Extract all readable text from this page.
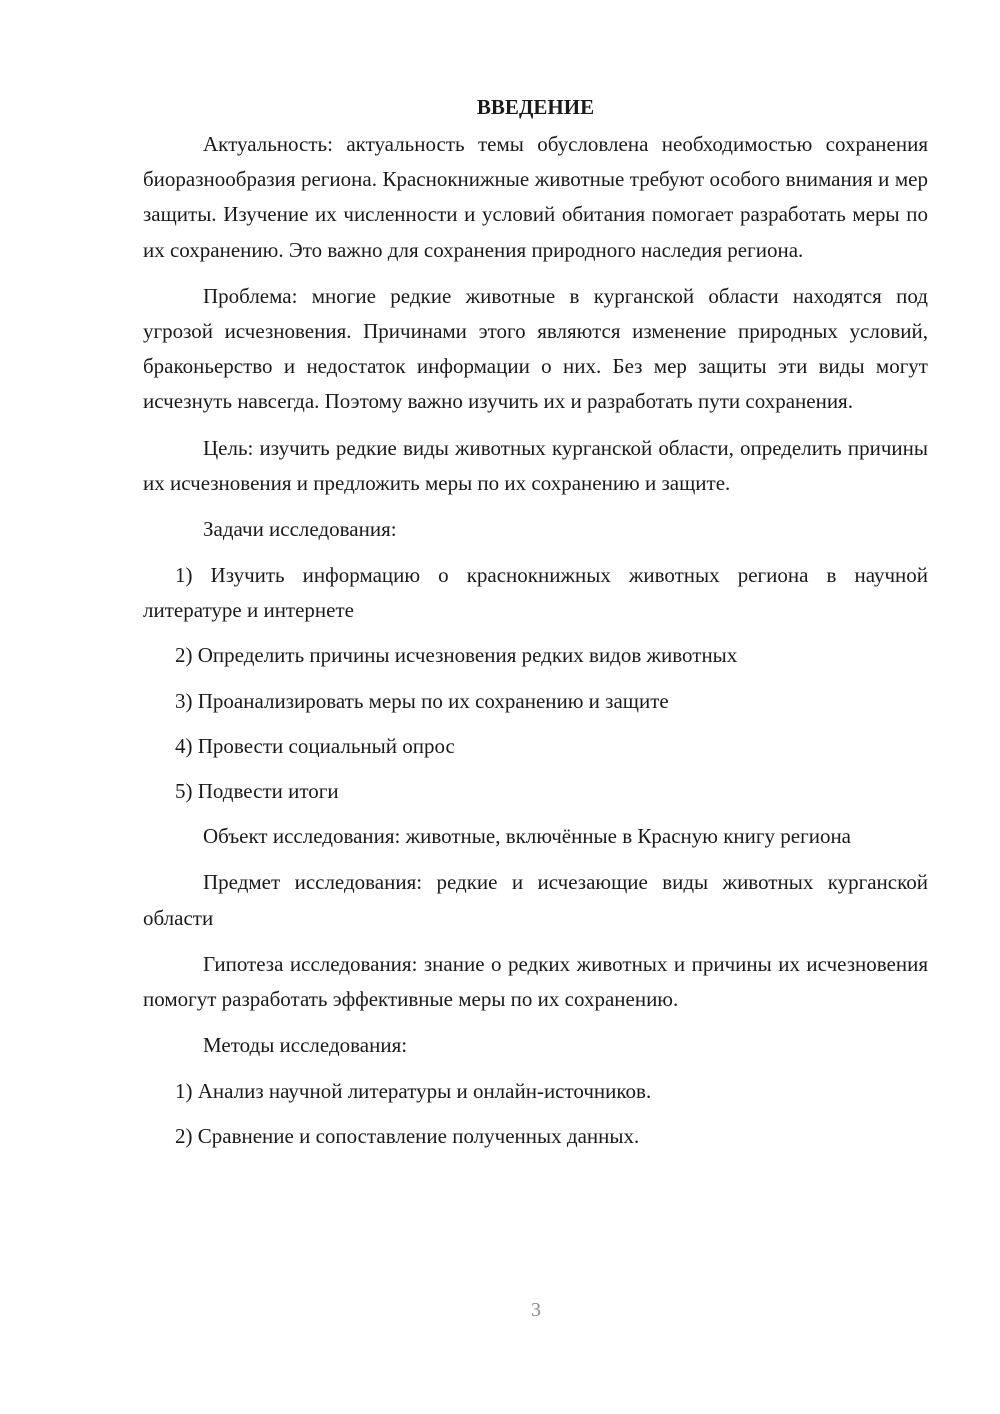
ВВЕДЕНИЕ

Актуальность: актуальность темы обусловлена необходимостью сохранения биоразнообразия региона. Краснокнижные животные требуют особого внимания и мер защиты. Изучение их численности и условий обитания помогает разработать меры по их сохранению. Это важно для сохранения природного наследия региона.

Проблема: многие редкие животные в курганской области находятся под угрозой исчезновения. Причинами этого являются изменение природных условий, браконьерство и недостаток информации о них. Без мер защиты эти виды могут исчезнуть навсегда. Поэтому важно изучить их и разработать пути сохранения.

Цель: изучить редкие виды животных курганской области, определить причины их исчезновения и предложить меры по их сохранению и защите.

Задачи исследования:

1) Изучить информацию о краснокнижных животных региона в научной литературе и интернете

2) Определить причины исчезновения редких видов животных

3) Проанализировать меры по их сохранению и защите

4) Провести социальный опрос

5) Подвести итоги

Объект исследования: животные, включённые в Красную книгу региона

Предмет исследования: редкие и исчезающие виды животных курганской области

Гипотеза исследования: знание о редких животных и причины их исчезновения помогут разработать эффективные меры по их сохранению.

Методы исследования:

1) Анализ научной литературы и онлайн-источников.

2) Сравнение и сопоставление полученных данных.

3
